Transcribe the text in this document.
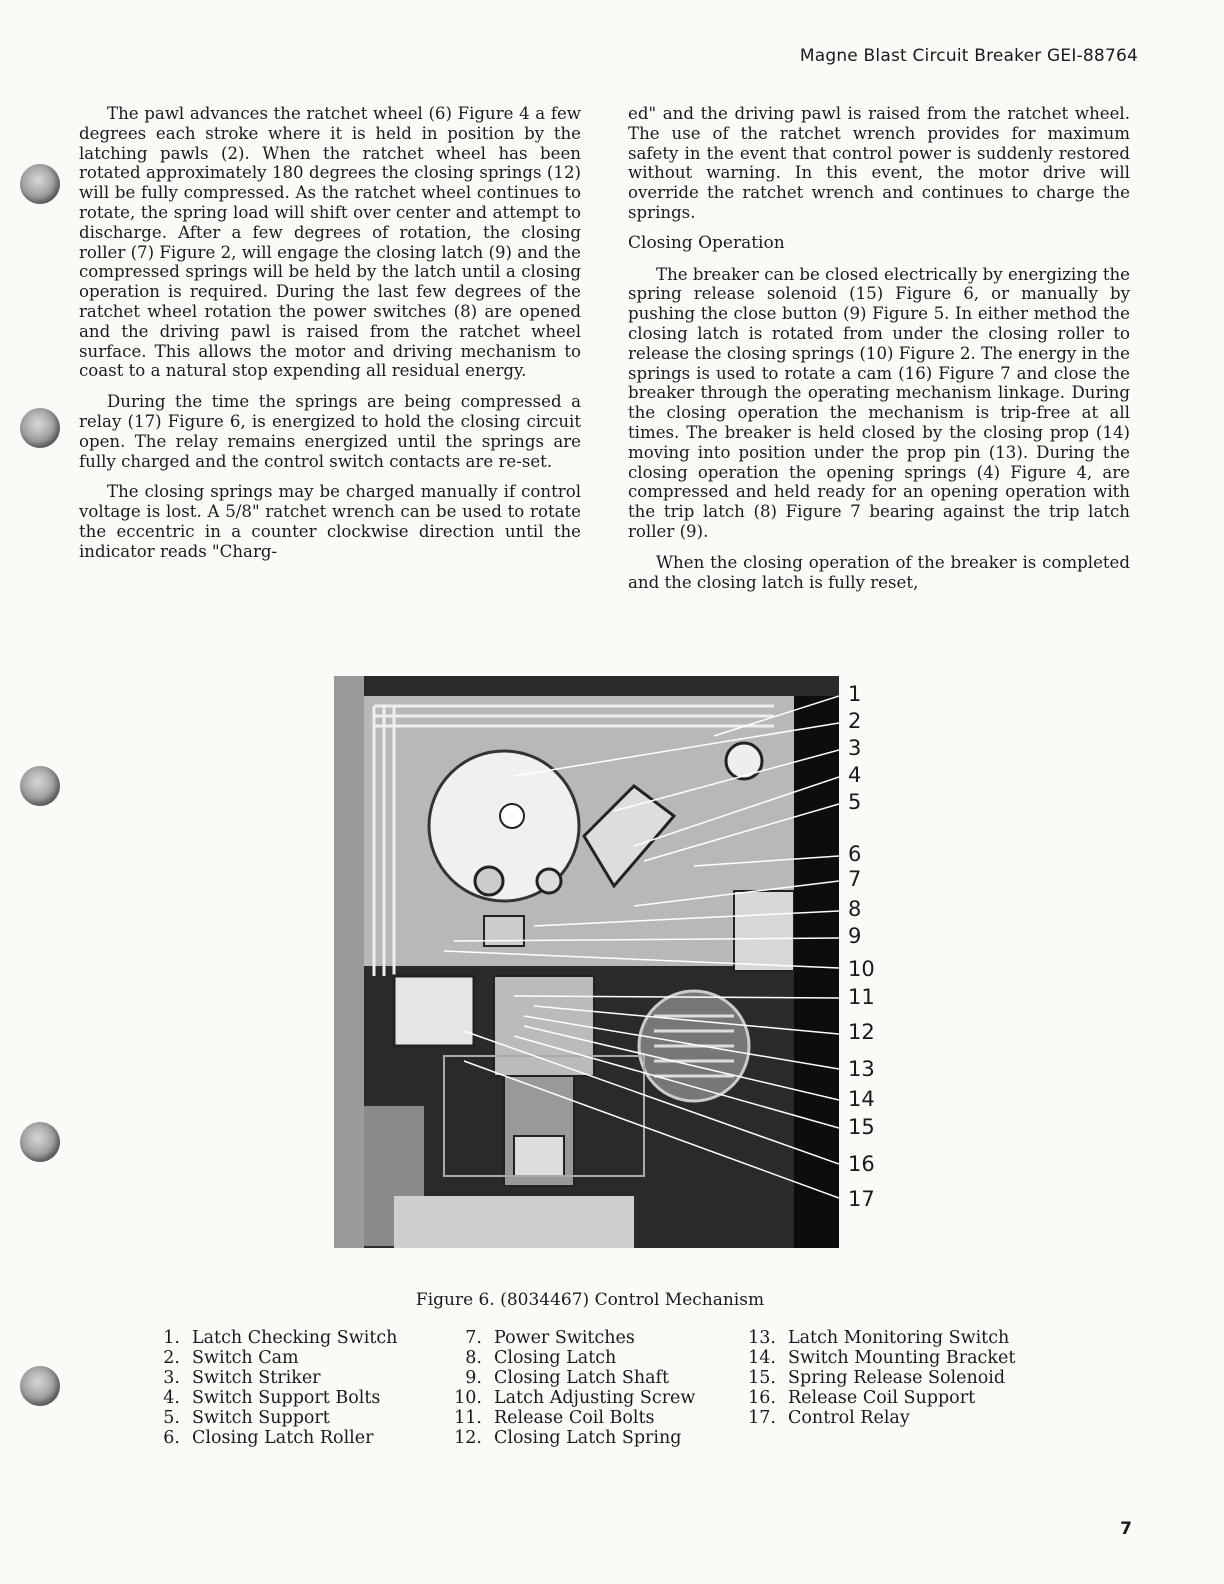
Magne Blast Circuit Breaker GEI-88764

The pawl advances the ratchet wheel (6) Figure 4 a few degrees each stroke where it is held in position by the latching pawls (2). When the ratchet wheel has been rotated approximately 180 degrees the closing springs (12) will be fully compressed. As the ratchet wheel continues to rotate, the spring load will shift over center and attempt to discharge. After a few degrees of rotation, the closing roller (7) Figure 2, will engage the closing latch (9) and the compressed springs will be held by the latch until a closing operation is required. During the last few degrees of the ratchet wheel rotation the power switches (8) are opened and the driving pawl is raised from the ratchet wheel surface. This allows the motor and driving mechanism to coast to a natural stop expending all residual energy.

During the time the springs are being compressed a relay (17) Figure 6, is energized to hold the closing circuit open. The relay remains energized until the springs are fully charged and the control switch contacts are re-set.

The closing springs may be charged manually if control voltage is lost. A 5/8" ratchet wrench can be used to rotate the eccentric in a counter clockwise direction until the indicator reads "Charg-

ed" and the driving pawl is raised from the ratchet wheel. The use of the ratchet wrench provides for maximum safety in the event that control power is suddenly restored without warning. In this event, the motor drive will override the ratchet wrench and continues to charge the springs.

Closing Operation

The breaker can be closed electrically by energizing the spring release solenoid (15) Figure 6, or manually by pushing the close button (9) Figure 5. In either method the closing latch is rotated from under the closing roller to release the closing springs (10) Figure 2. The energy in the springs is used to rotate a cam (16) Figure 7 and close the breaker through the operating mechanism linkage. During the closing operation the mechanism is trip-free at all times. The breaker is held closed by the closing prop (14) moving into position under the prop pin (13). During the closing operation the opening springs (4) Figure 4, are compressed and held ready for an opening operation with the trip latch (8) Figure 7 bearing against the trip latch roller (9).

When the closing operation of the breaker is completed and the closing latch is fully reset,

1
2
3
4
5
6
7
8
9
10
11
12
13
14
15
16
17
Figure 6. (8034467) Control Mechanism
1. Latch Checking Switch
2. Switch Cam
3. Switch Striker
4. Switch Support Bolts
5. Switch Support
6. Closing Latch Roller
7. Power Switches
8. Closing Latch
9. Closing Latch Shaft
10. Latch Adjusting Screw
11. Release Coil Bolts
12. Closing Latch Spring
13. Latch Monitoring Switch
14. Switch Mounting Bracket
15. Spring Release Solenoid
16. Release Coil Support
17. Control Relay
7
